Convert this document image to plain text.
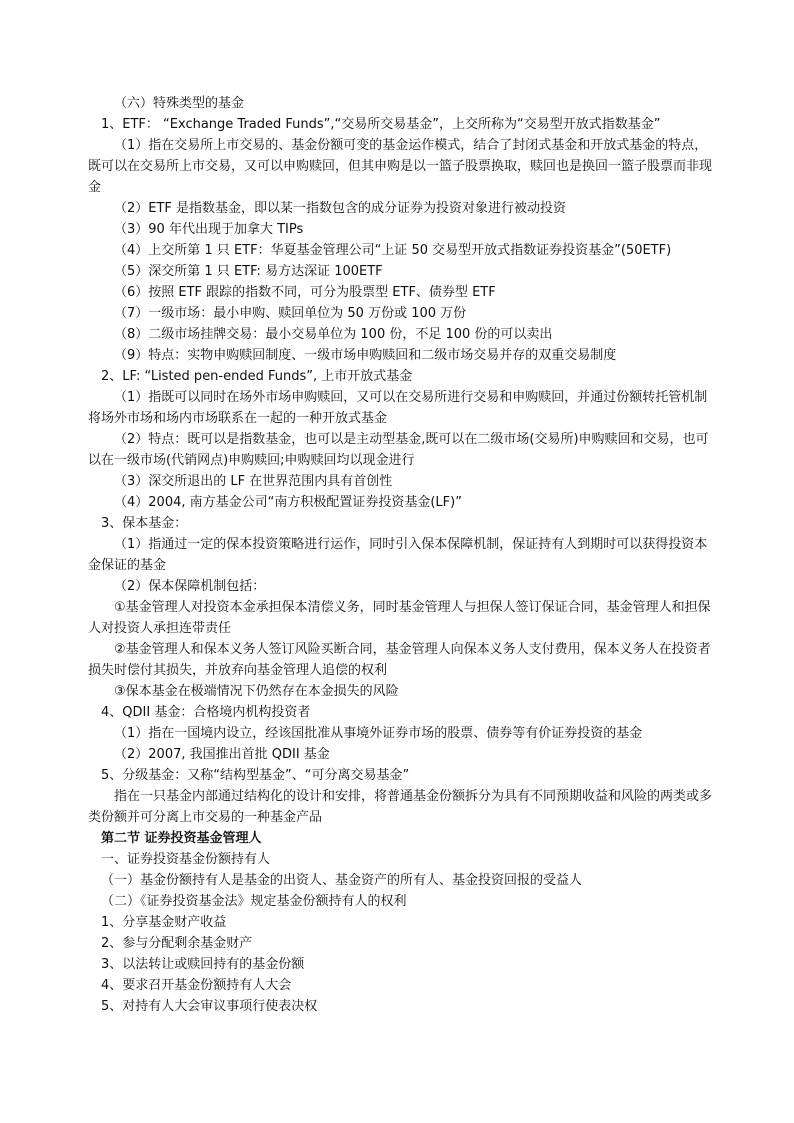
（六）特殊类型的基金

1、ETF： “Exchange Traded Funds”,“交易所交易基金”，上交所称为“交易型开放式指数基金”

（1）指在交易所上市交易的、基金份额可变的基金运作模式，结合了封闭式基金和开放式基金的特点，既可以在交易所上市交易，又可以申购赎回，但其申购是以一篮子股票换取，赎回也是换回一篮子股票而非现金

（2）ETF 是指数基金，即以某一指数包含的成分证券为投资对象进行被动投资

（3）90 年代出现于加拿大 TIPs

（4）上交所第 1 只 ETF：华夏基金管理公司“上证 50 交易型开放式指数证券投资基金”(50ETF)

（5）深交所第 1 只 ETF: 易方达深证 100ETF

（6）按照 ETF 跟踪的指数不同，可分为股票型 ETF、债券型 ETF

（7）一级市场：最小申购、赎回单位为 50 万份或 100 万份

（8）二级市场挂牌交易：最小交易单位为 100 份，不足 100 份的可以卖出

（9）特点：实物申购赎回制度、一级市场申购赎回和二级市场交易并存的双重交易制度

2、LF: “Listed pen-ended Funds”, 上市开放式基金

（1）指既可以同时在场外市场申购赎回，又可以在交易所进行交易和申购赎回，并通过份额转托管机制将场外市场和场内市场联系在一起的一种开放式基金

（2）特点：既可以是指数基金，也可以是主动型基金,既可以在二级市场(交易所)申购赎回和交易，也可以在一级市场(代销网点)申购赎回;申购赎回均以现金进行

（3）深交所退出的 LF 在世界范围内具有首创性

（4）2004, 南方基金公司“南方积极配置证券投资基金(LF)”

3、保本基金：

（1）指通过一定的保本投资策略进行运作，同时引入保本保障机制，保证持有人到期时可以获得投资本金保证的基金

（2）保本保障机制包括：

①基金管理人对投资本金承担保本清偿义务，同时基金管理人与担保人签订保证合同，基金管理人和担保人对投资人承担连带责任

②基金管理人和保本义务人签订风险买断合同，基金管理人向保本义务人支付费用，保本义务人在投资者损失时偿付其损失，并放弃向基金管理人追偿的权利

③保本基金在极端情况下仍然存在本金损失的风险

4、QDII 基金：合格境内机构投资者

（1）指在一国境内设立，经该国批准从事境外证券市场的股票、债券等有价证券投资的基金

（2）2007, 我国推出首批 QDII 基金

5、分级基金：又称“结构型基金”、“可分离交易基金”

指在一只基金内部通过结构化的设计和安排，将普通基金份额拆分为具有不同预期收益和风险的两类或多类份额并可分离上市交易的一种基金产品

第二节 证券投资基金管理人

一、证券投资基金份额持有人

（一）基金份额持有人是基金的出资人、基金资产的所有人、基金投资回报的受益人

（二）《证券投资基金法》规定基金份额持有人的权利

1、分享基金财产收益

2、参与分配剩余基金财产

3、以法转让或赎回持有的基金份额

4、要求召开基金份额持有人大会

5、对持有人大会审议事项行使表决权
